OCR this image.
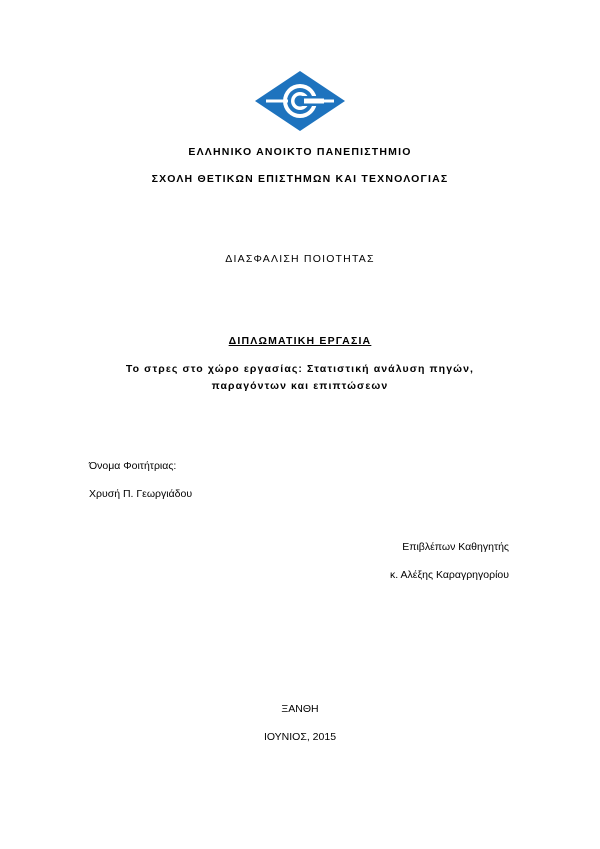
ΕΛΛΗΝΙΚΟ ΑΝΟΙΚΤΟ ΠΑΝΕΠΙΣΤΗΜΙΟ
ΣΧΟΛΗ ΘΕΤΙΚΩΝ ΕΠΙΣΤΗΜΩΝ ΚΑΙ ΤΕΧΝΟΛΟΓΙΑΣ
ΔΙΑΣΦΑΛΙΣΗ ΠΟΙΟΤΗΤΑΣ
ΔΙΠΛΩΜΑΤΙΚΗ ΕΡΓΑΣΙΑ
Το στρες στο χώρο εργασίας: Στατιστική ανάλυση πηγών,
παραγόντων και επιπτώσεων
Όνομα Φοιτήτριας:
Χρυσή Π. Γεωργιάδου
Επιβλέπων Καθηγητής
κ. Αλέξης Καραγρηγορίου
ΞΑΝΘΗ
ΙΟΥΝΙΟΣ, 2015
